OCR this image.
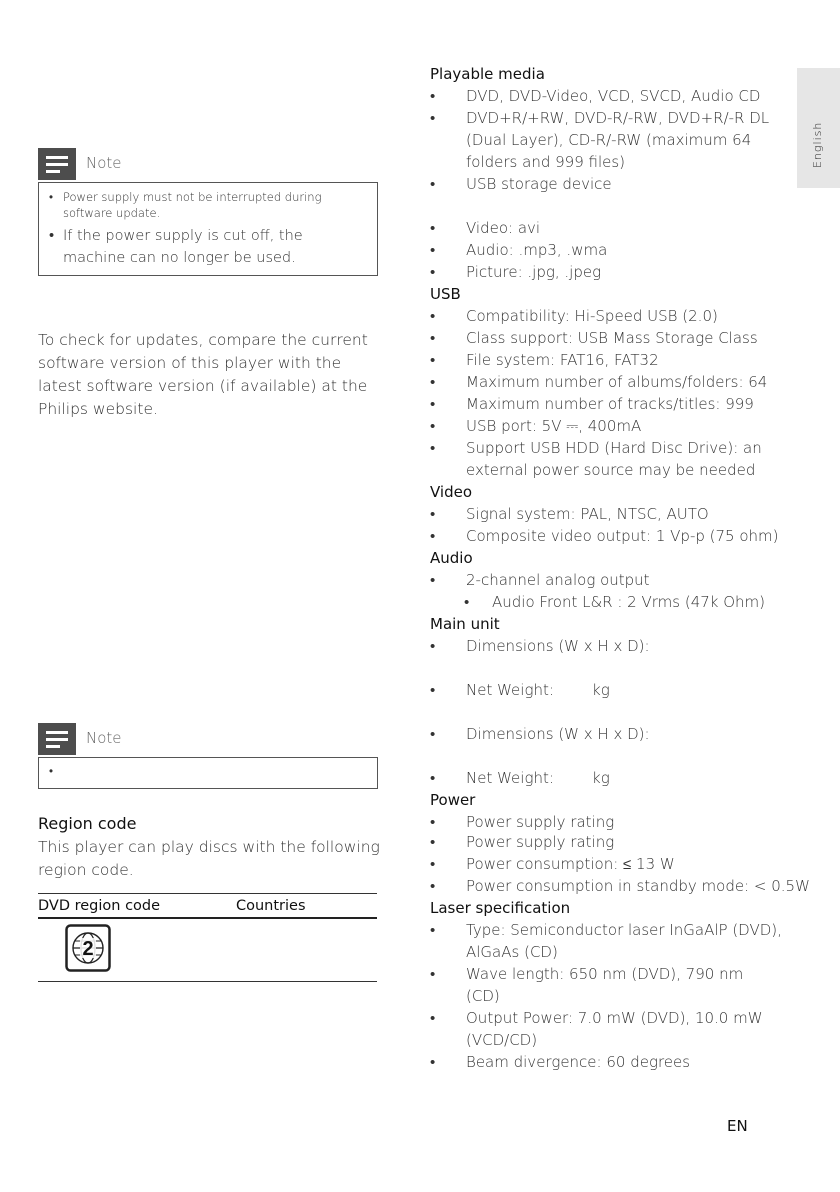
Note
• Power supply must not be interrupted during software update.
• If the power supply is cut off, the machine can no longer be used.
To check for updates, compare the current software version of this player with the latest software version (if available) at the Philips website.
Note
Region code
This player can play discs with the following region code.
DVD region code	Countries
2
Playable media
• DVD, DVD-Video, VCD, SVCD, Audio CD
• DVD+R/+RW, DVD-R/-RW, DVD+R/-R DL (Dual Layer), CD-R/-RW (maximum 64 folders and 999 files)
• USB storage device
• Video: avi
• Audio: .mp3, .wma
• Picture: .jpg, .jpeg
USB
• Compatibility: Hi-Speed USB (2.0)
• Class support: USB Mass Storage Class
• File system: FAT16, FAT32
• Maximum number of albums/folders: 64
• Maximum number of tracks/titles: 999
• USB port: 5V ⎓, 400mA
• Support USB HDD (Hard Disc Drive): an external power source may be needed
Video
• Signal system: PAL, NTSC, AUTO
• Composite video output: 1 Vp-p (75 ohm)
Audio
• 2-channel analog output
• Audio Front L&R : 2 Vrms (47k Ohm)
Main unit
• Dimensions (W x H x D):
• Net Weight:        kg
• Dimensions (W x H x D):
• Net Weight:        kg
Power
• Power supply rating
• Power supply rating
• Power consumption: ≤ 13 W
• Power consumption in standby mode: < 0.5W
Laser specification
• Type: Semiconductor laser InGaAlP (DVD), AlGaAs (CD)
• Wave length: 650 nm (DVD), 790 nm (CD)
• Output Power: 7.0 mW (DVD), 10.0 mW (VCD/CD)
• Beam divergence: 60 degrees
English
EN
